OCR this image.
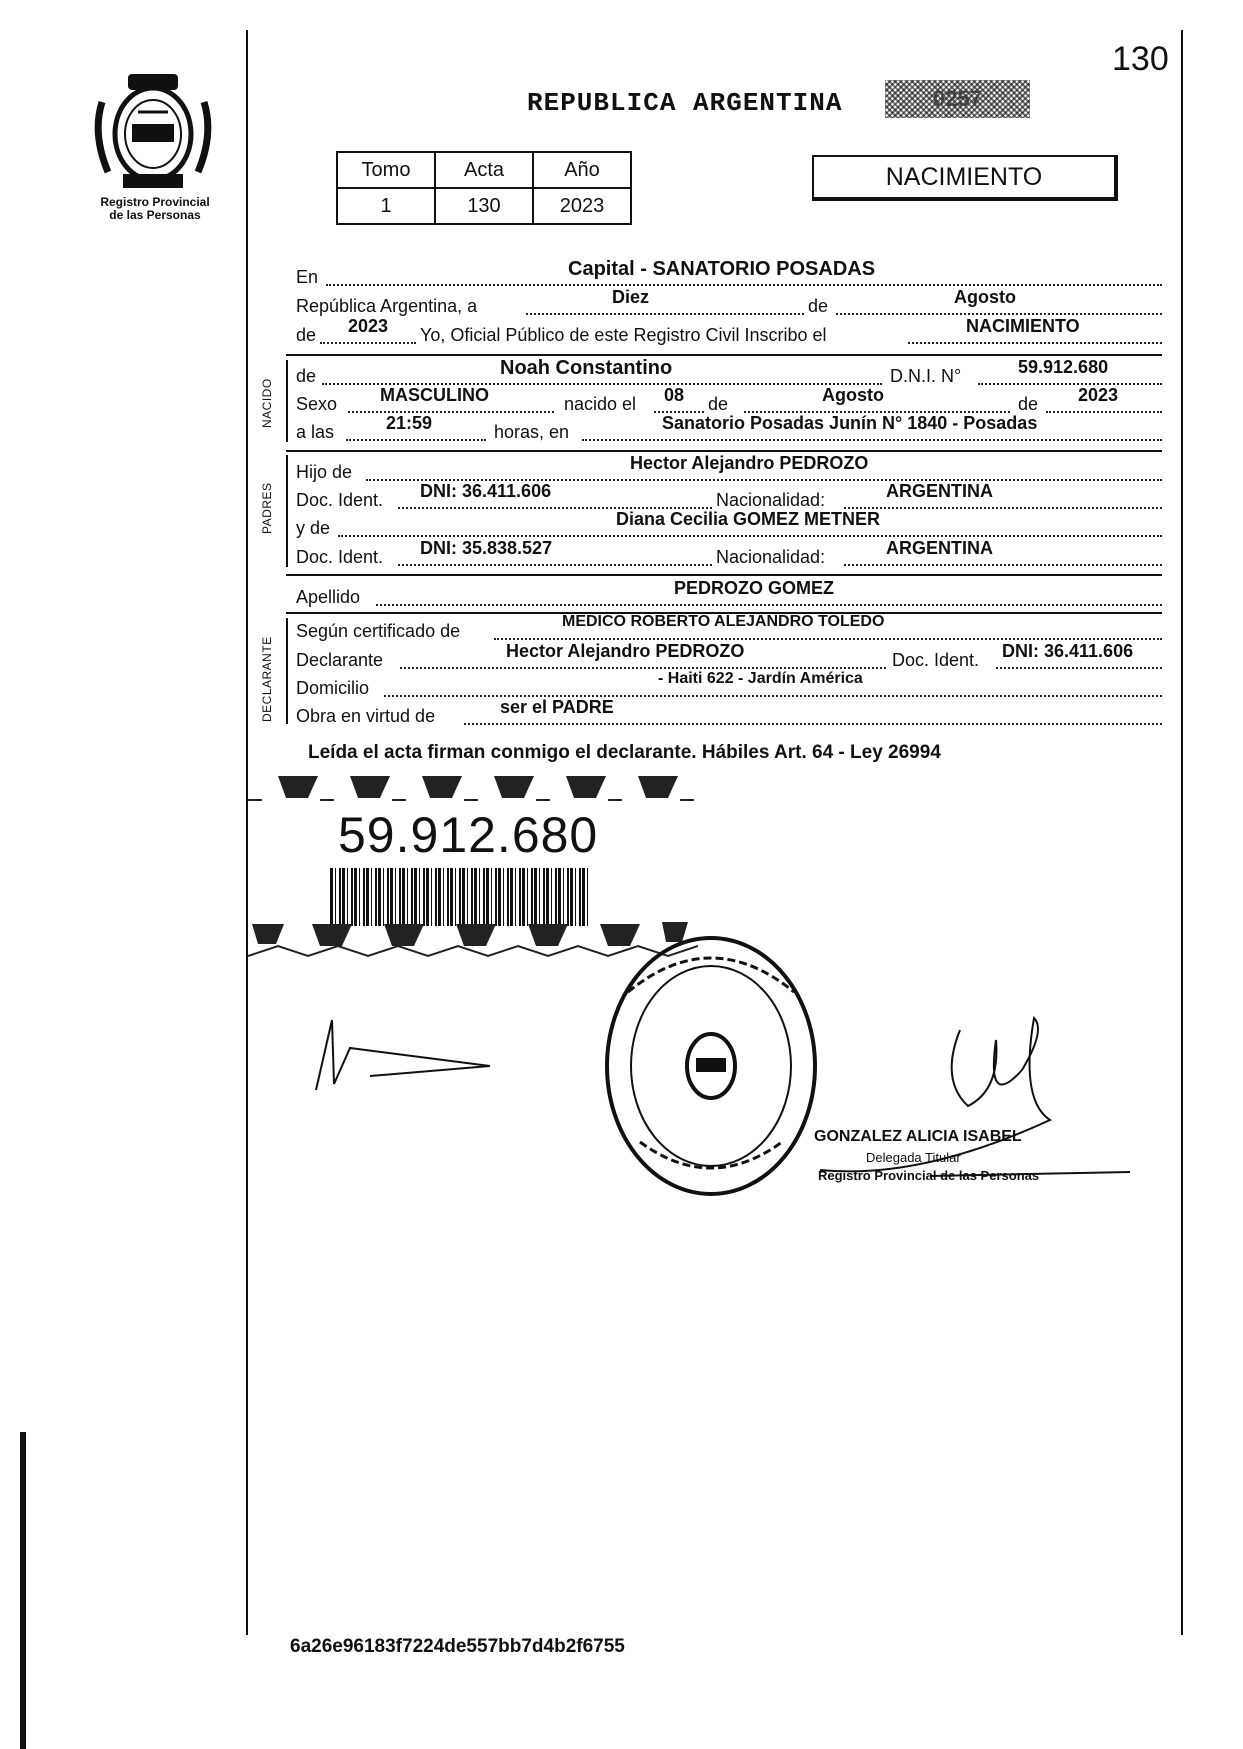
Registro Provincial
de las Personas
130
REPUBLICA ARGENTINA	0257
Tomo	Acta	Año
1	130	2023
NACIMIENTO
En	Capital - SANATORIO POSADAS
República Argentina, a	Diez	de	Agosto
de 2023 Yo, Oficial Público de este Registro Civil Inscribo el	NACIMIENTO
NACIDO
de	Noah Constantino	D.N.I. N°	59.912.680
Sexo MASCULINO	nacido el 08 de	Agosto	de 2023
a las	21:59	horas, en	Sanatorio Posadas Junín N° 1840 - Posadas
PADRES
Hijo de	Hector Alejandro PEDROZO
Doc. Ident. DNI: 36.411.606	Nacionalidad:	ARGENTINA
y de	Diana Cecilia GOMEZ METNER
Doc. Ident. DNI: 35.838.527	Nacionalidad:	ARGENTINA
Apellido	PEDROZO GOMEZ
DECLARANTE
Según certificado de	MEDICO ROBERTO ALEJANDRO TOLEDO
Declarante	Hector Alejandro PEDROZO	Doc. Ident. DNI: 36.411.606
Domicilio	- Haiti 622 - Jardín América
Obra en virtud de	ser el PADRE
Leída el acta firman conmigo el declarante. Hábiles Art. 64 - Ley 26994
59.912.680
GONZALEZ ALICIA ISABEL
Delegada Titular
Registro Provincial de las Personas
6a26e96183f7224de557bb7d4b2f6755
